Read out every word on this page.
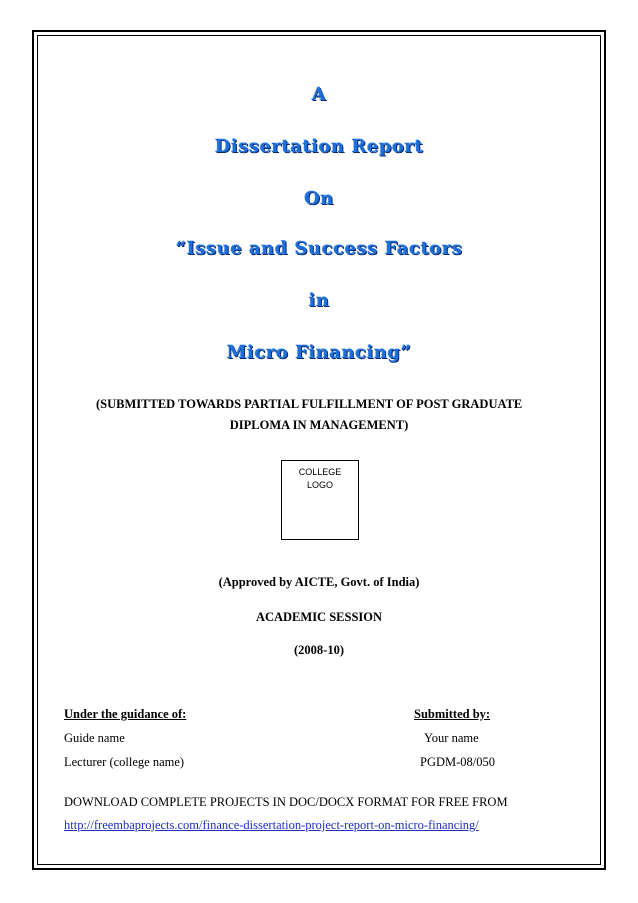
A
Dissertation Report
On
“Issue and Success Factors
in
Micro Financing”
(SUBMITTED TOWARDS PARTIAL FULFILLMENT OF POST GRADUATE
DIPLOMA IN MANAGEMENT)
COLLEGE
LOGO
(Approved by AICTE, Govt. of India)
ACADEMIC SESSION
(2008-10)
Under the guidance of:
Guide name
Lecturer (college name)
Submitted by:
Your name
PGDM-08/050
DOWNLOAD COMPLETE PROJECTS IN DOC/DOCX FORMAT FOR FREE FROM
http://freembaprojects.com/finance-dissertation-project-report-on-micro-financing/
